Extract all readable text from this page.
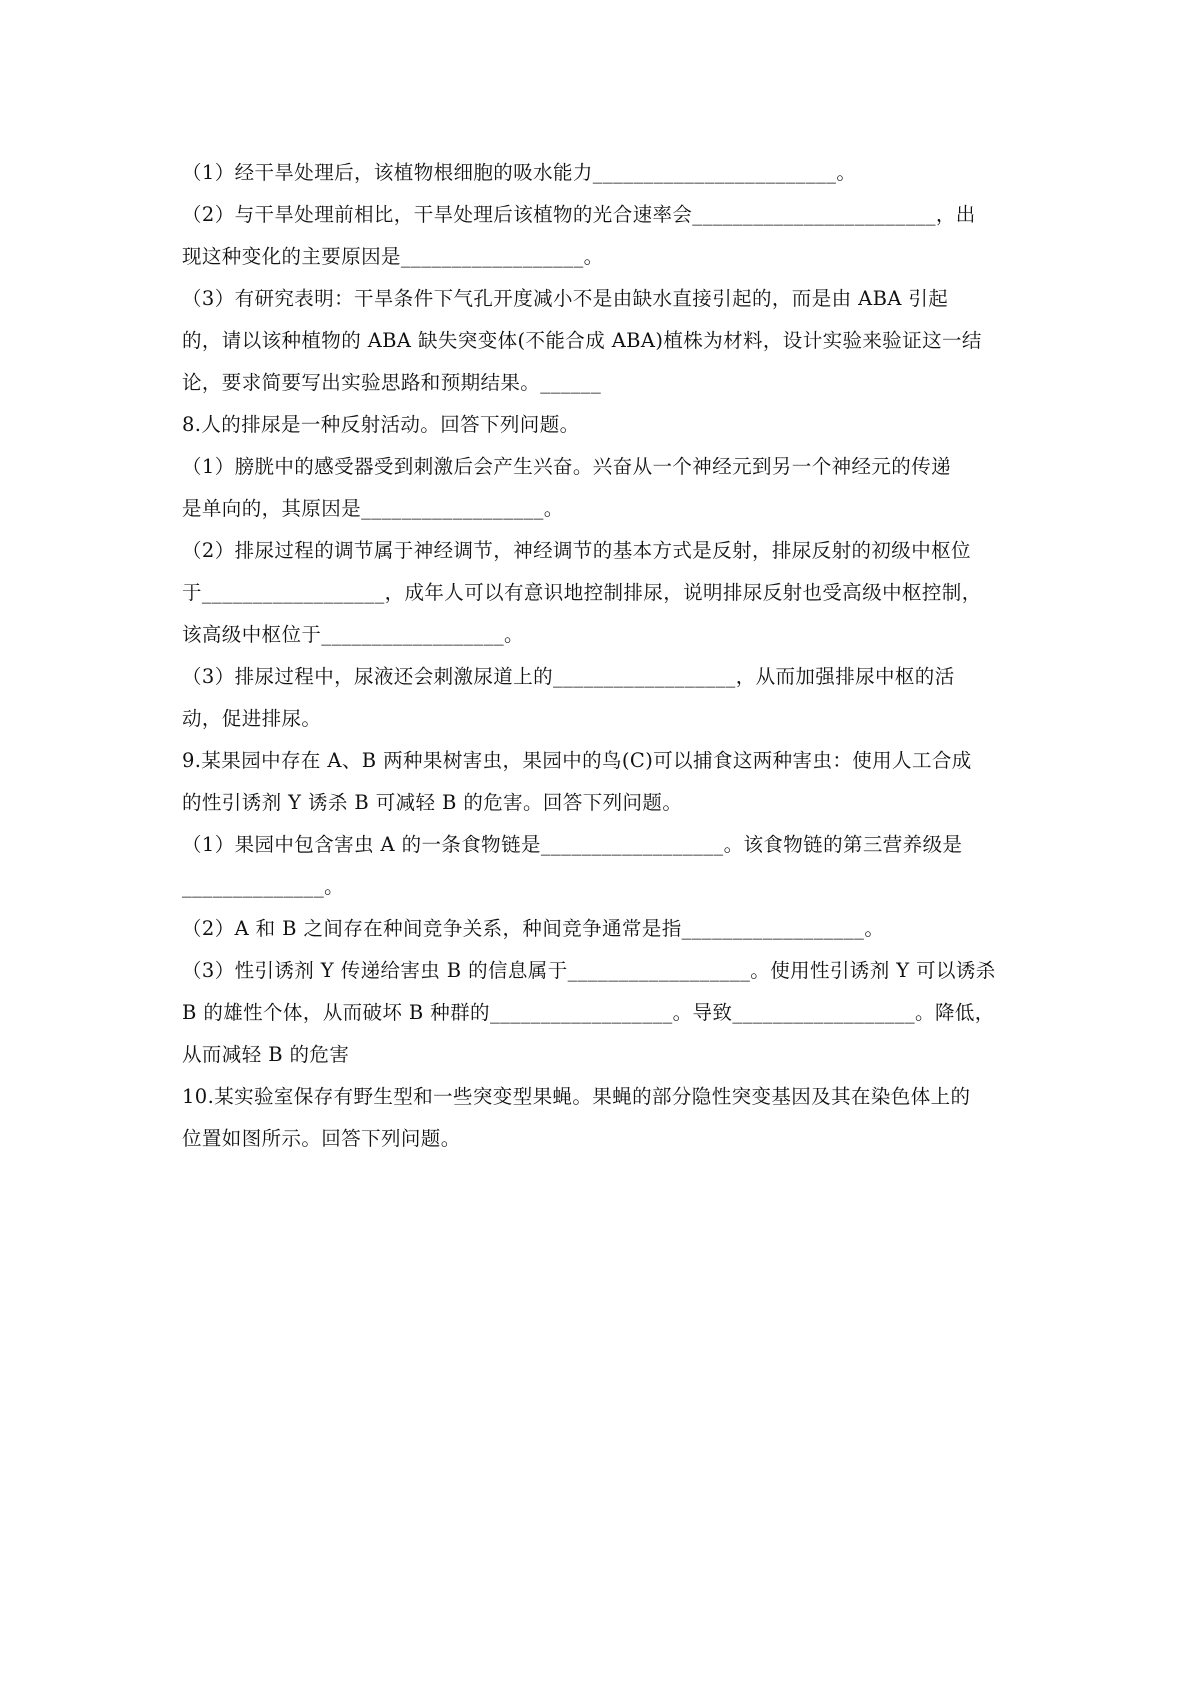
（1）经干旱处理后，该植物根细胞的吸水能力________________________。
（2）与干旱处理前相比，干旱处理后该植物的光合速率会________________________，出
现这种变化的主要原因是__________________。
（3）有研究表明：干旱条件下气孔开度减小不是由缺水直接引起的，而是由 ABA 引起
的，请以该种植物的 ABA 缺失突变体(不能合成 ABA)植株为材料，设计实验来验证这一结
论，要求简要写出实验思路和预期结果。______
8.人的排尿是一种反射活动。回答下列问题。
（1）膀胱中的感受器受到刺激后会产生兴奋。兴奋从一个神经元到另一个神经元的传递
是单向的，其原因是__________________。
（2）排尿过程的调节属于神经调节，神经调节的基本方式是反射，排尿反射的初级中枢位
于__________________，成年人可以有意识地控制排尿，说明排尿反射也受高级中枢控制，
该高级中枢位于__________________。
（3）排尿过程中，尿液还会刺激尿道上的__________________，从而加强排尿中枢的活
动，促进排尿。
9.某果园中存在 A、B 两种果树害虫，果园中的鸟(C)可以捕食这两种害虫：使用人工合成
的性引诱剂 Y 诱杀 B 可减轻 B 的危害。回答下列问题。
（1）果园中包含害虫 A 的一条食物链是__________________。该食物链的第三营养级是
______________。
（2）A 和 B 之间存在种间竞争关系，种间竞争通常是指__________________。
（3）性引诱剂 Y 传递给害虫 B 的信息属于__________________。使用性引诱剂 Y 可以诱杀
B 的雄性个体，从而破坏 B 种群的__________________。导致__________________。降低，
从而减轻 B 的危害
10.某实验室保存有野生型和一些突变型果蝇。果蝇的部分隐性突变基因及其在染色体上的
位置如图所示。回答下列问题。
